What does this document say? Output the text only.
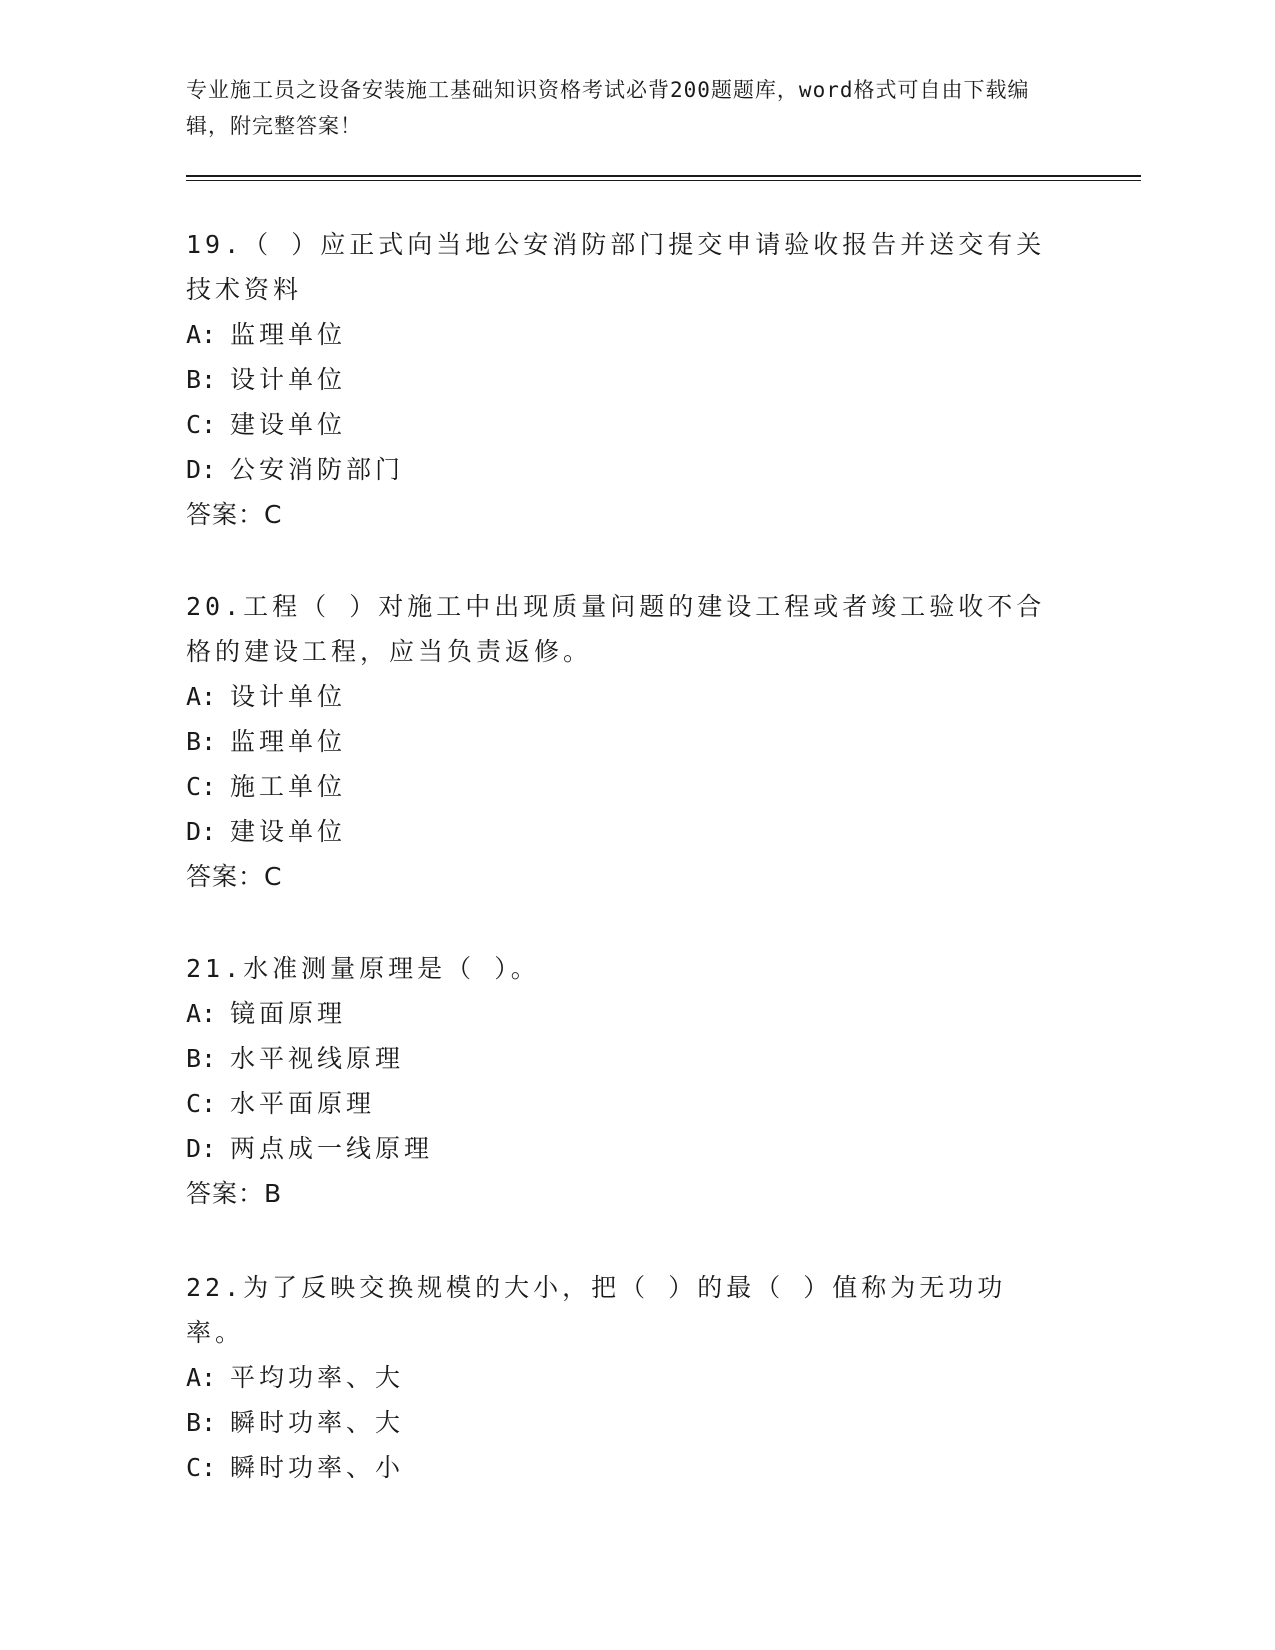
专业施工员之设备安装施工基础知识资格考试必背200题题库，word格式可自由下载编辑，附完整答案！
19.（ ）应正式向当地公安消防部门提交申请验收报告并送交有关技术资料
A: 监理单位
B: 设计单位
C: 建设单位
D: 公安消防部门
答案：C
20.工程（ ）对施工中出现质量问题的建设工程或者竣工验收不合格的建设工程，应当负责返修。
A: 设计单位
B: 监理单位
C: 施工单位
D: 建设单位
答案：C
21.水准测量原理是（ ）。
A: 镜面原理
B: 水平视线原理
C: 水平面原理
D: 两点成一线原理
答案：B
22.为了反映交换规模的大小，把（ ）的最（ ）值称为无功功率。
A: 平均功率、大
B: 瞬时功率、大
C: 瞬时功率、小
